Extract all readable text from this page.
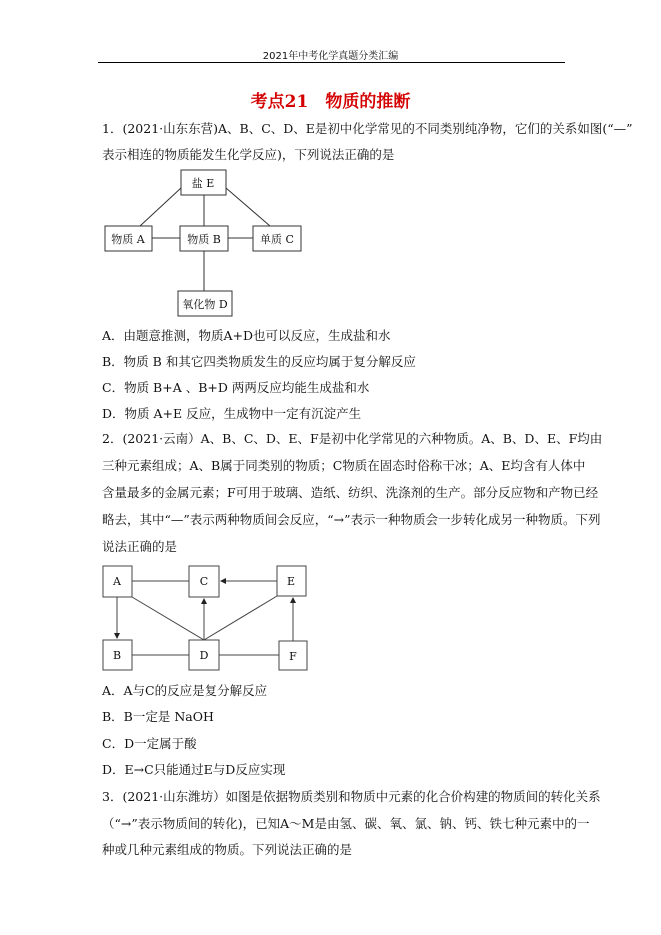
2021年中考化学真题分类汇编
考点21　物质的推断
1．(2021·山东东营)A、B、C、D、E是初中化学常见的不同类别纯净物，它们的关系如图(“—”
表示相连的物质能发生化学反应)，下列说法正确的是
盐 E
物质 A	物质 B	单质 C
氧化物 D
A	C	E
B	D	F
A．由题意推测，物质A+D也可以反应，生成盐和水
B．物质 B 和其它四类物质发生的反应均属于复分解反应
C．物质 B+A 、B+D 两两反应均能生成盐和水
D．物质 A+E 反应，生成物中一定有沉淀产生
2．(2021·云南）A、B、C、D、E、F是初中化学常见的六种物质。A、B、D、E、F均由
三种元素组成；A、B属于同类别的物质；C物质在固态时俗称干冰；A、E均含有人体中
含量最多的金属元素；F可用于玻璃、造纸、纺织、洗涤剂的生产。部分反应物和产物已经
略去，其中“—”表示两种物质间会反应，“→”表示一种物质会一步转化成另一种物质。下列
说法正确的是
A．A与C的反应是复分解反应
B．B一定是 NaOH
C．D一定属于酸
D．E→C只能通过E与D反应实现
3．(2021·山东潍坊）如图是依据物质类别和物质中元素的化合价构建的物质间的转化关系
（“→”表示物质间的转化)，已知A～M是由氢、碳、氧、氯、钠、钙、铁七种元素中的一
种或几种元素组成的物质。下列说法正确的是
